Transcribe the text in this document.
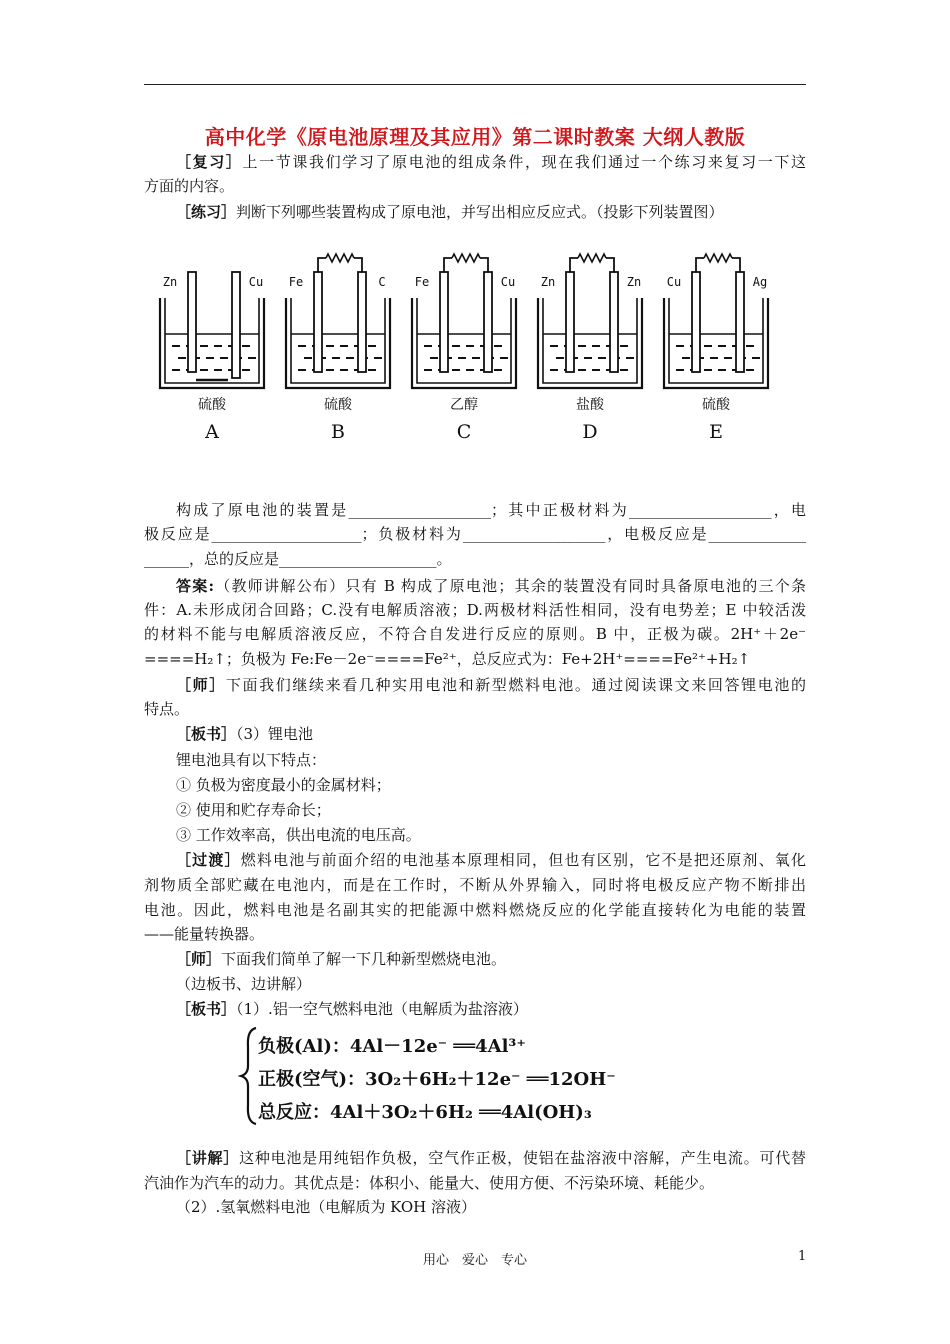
高中化学《原电池原理及其应用》第二课时教案 大纲人教版
［复习］上一节课我们学习了原电池的组成条件，现在我们通过一个练习来复习一下这
方面的内容。
［练习］判断下列哪些装置构成了原电池，并写出相应反应式。（投影下列装置图）
Zn	Cu
硫酸
A
Fe	C
硫酸
B
Fe	Cu
乙醇
C
Zn	Zn
盐酸
D
Cu	Ag
硫酸
E
构成了原电池的装置是___________________；其中正极材料为___________________，电
极反应是____________________；负极材料为___________________，电极反应是_____________
______，总的反应是_____________________。
答案:（教师讲解公布）只有 B 构成了原电池；其余的装置没有同时具备原电池的三个条
件：A.未形成闭合回路；C.没有电解质溶液；D.两极材料活性相同，没有电势差；E 中较活泼
的材料不能与电解质溶液反应，不符合自发进行反应的原则。B 中，正极为碳。2H⁺＋2e⁻
====H₂↑；负极为 Fe:Fe－2e⁻====Fe²⁺，总反应式为：Fe+2H⁺====Fe²⁺+H₂↑
［师］下面我们继续来看几种实用电池和新型燃料电池。通过阅读课文来回答锂电池的
特点。
［板书］（3）锂电池
锂电池具有以下特点：
① 负极为密度最小的金属材料；
② 使用和贮存寿命长；
③ 工作效率高，供出电流的电压高。
［过渡］燃料电池与前面介绍的电池基本原理相同，但也有区别，它不是把还原剂、氧化
剂物质全部贮藏在电池内，而是在工作时，不断从外界输入，同时将电极反应产物不断排出
电池。因此，燃料电池是名副其实的把能源中燃料燃烧反应的化学能直接转化为电能的装置
——能量转换器。
［师］下面我们简单了解一下几种新型燃烧电池。
（边板书、边讲解）
［板书］（1）.铝一空气燃料电池（电解质为盐溶液）
负极(Al)：4Al－12e⁻ ══4Al³⁺
正极(空气)：3O₂＋6H₂＋12e⁻ ══12OH⁻
总反应：4Al＋3O₂＋6H₂ ══4Al(OH)₃
［讲解］这种电池是用纯铝作负极，空气作正极，使铝在盐溶液中溶解，产生电流。可代替
汽油作为汽车的动力。其优点是：体积小、能量大、使用方便、不污染环境、耗能少。
（2）.氢氧燃料电池（电解质为 KOH 溶液）
用心　爱心　专心	1
